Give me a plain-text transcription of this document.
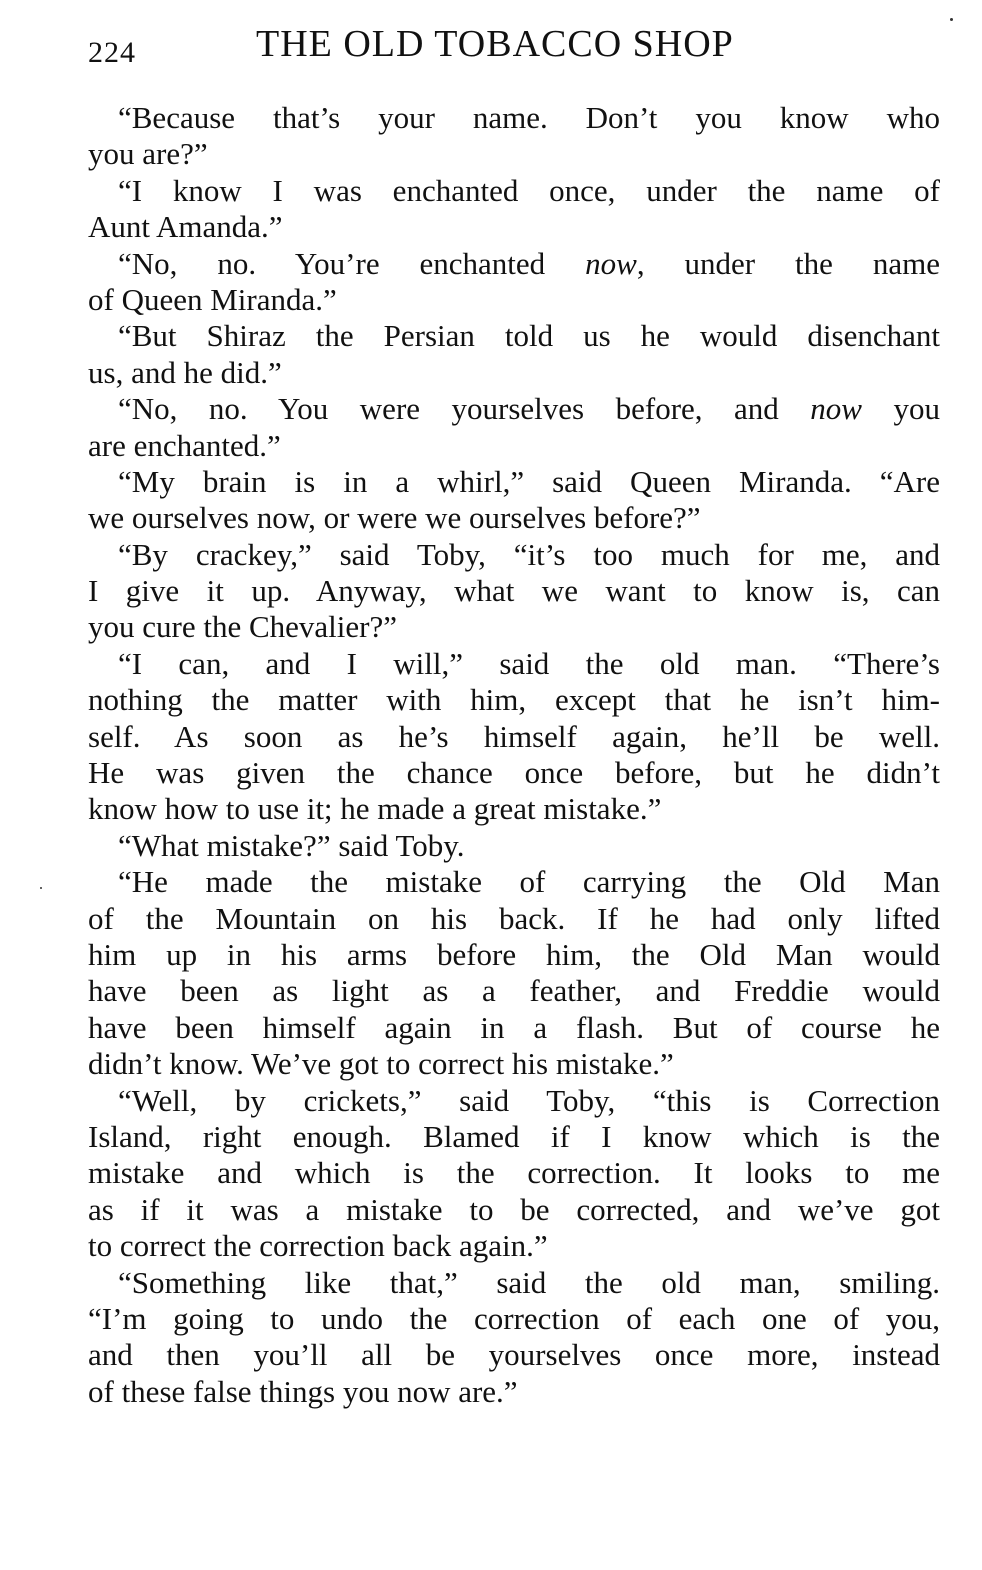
224	THE OLD TOBACCO SHOP
“Because that’s your name. Don’t you know who
you are?”
“I know I was enchanted once, under the name of
Aunt Amanda.”
“No, no. You’re enchanted now, under the name
of Queen Miranda.”
“But Shiraz the Persian told us he would disenchant
us, and he did.”
“No, no. You were yourselves before, and now you
are enchanted.”
“My brain is in a whirl,” said Queen Miranda. “Are
we ourselves now, or were we ourselves before?”
“By crackey,” said Toby, “it’s too much for me, and
I give it up. Anyway, what we want to know is, can
you cure the Chevalier?”
“I can, and I will,” said the old man. “There’s
nothing the matter with him, except that he isn’t him-
self. As soon as he’s himself again, he’ll be well.
He was given the chance once before, but he didn’t
know how to use it; he made a great mistake.”
“What mistake?” said Toby.
“He made the mistake of carrying the Old Man
of the Mountain on his back. If he had only lifted
him up in his arms before him, the Old Man would
have been as light as a feather, and Freddie would
have been himself again in a flash. But of course he
didn’t know. We’ve got to correct his mistake.”
“Well, by crickets,” said Toby, “this is Correction
Island, right enough. Blamed if I know which is the
mistake and which is the correction. It looks to me
as if it was a mistake to be corrected, and we’ve got
to correct the correction back again.”
“Something like that,” said the old man, smiling.
“I’m going to undo the correction of each one of you,
and then you’ll all be yourselves once more, instead
of these false things you now are.”
